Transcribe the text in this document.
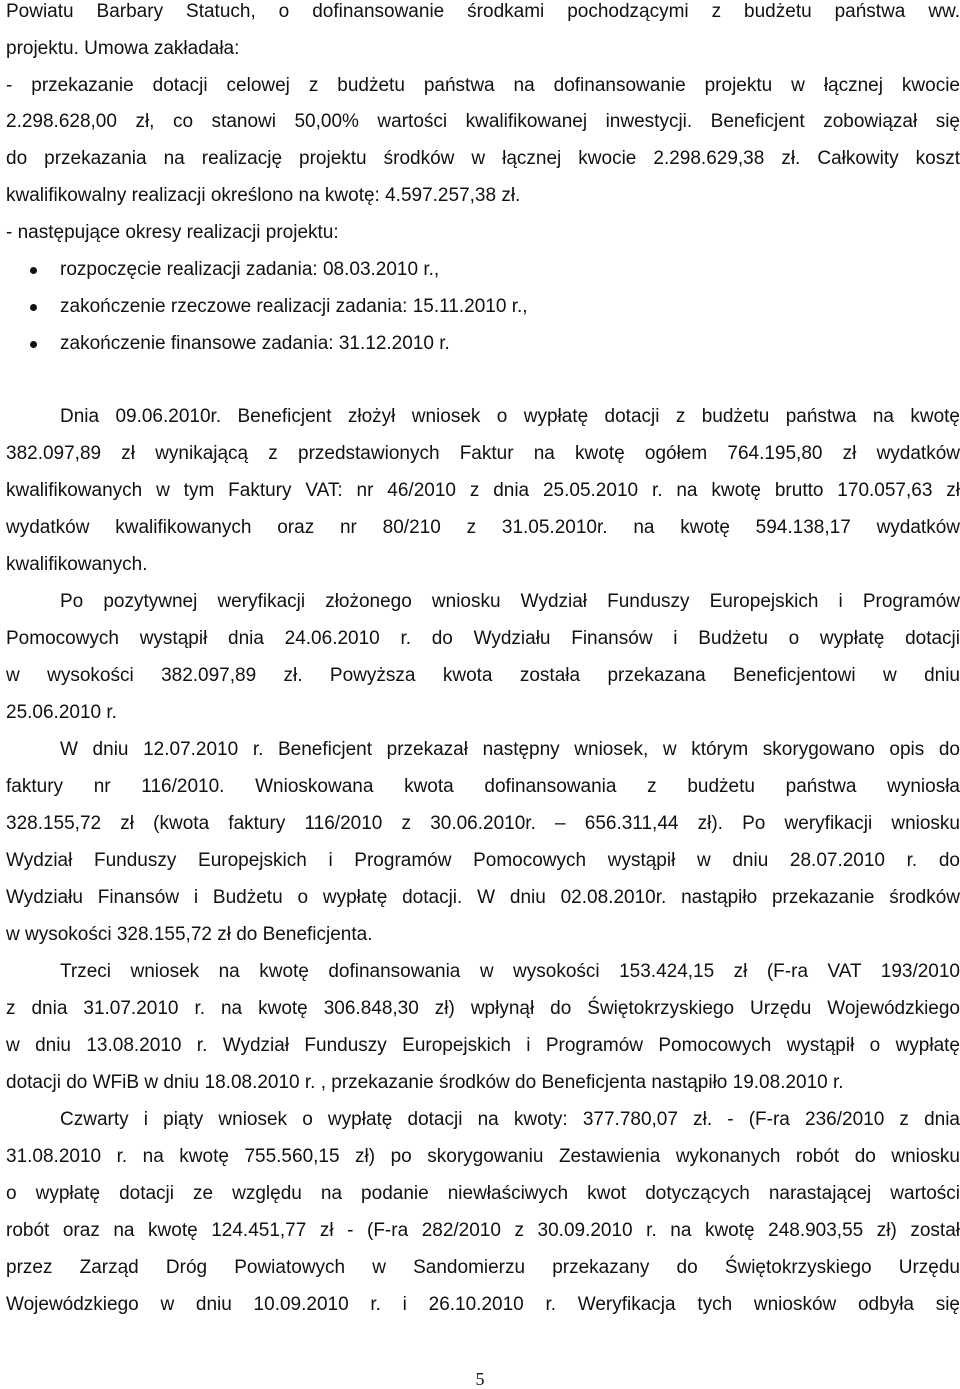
Powiatu Barbary Statuch, o dofinansowanie środkami pochodzącymi z budżetu państwa ww.
projektu. Umowa zakładała:
- przekazanie dotacji celowej z budżetu państwa na dofinansowanie projektu w łącznej kwocie
2.298.628,00 zł, co stanowi 50,00% wartości kwalifikowanej inwestycji. Beneficjent zobowiązał się
do przekazania na realizację projektu środków w łącznej kwocie 2.298.629,38 zł. Całkowity koszt
kwalifikowalny realizacji określono na kwotę: 4.597.257,38 zł.
- następujące okresy realizacji projektu:
rozpoczęcie realizacji zadania: 08.03.2010 r.,
zakończenie rzeczowe realizacji zadania: 15.11.2010 r.,
zakończenie finansowe zadania: 31.12.2010 r.
Dnia 09.06.2010r. Beneficjent złożył wniosek o wypłatę dotacji z budżetu państwa na kwotę
382.097,89 zł wynikającą z przedstawionych Faktur na kwotę ogółem 764.195,80 zł wydatków
kwalifikowanych w tym Faktury VAT: nr 46/2010 z dnia 25.05.2010 r. na kwotę brutto 170.057,63 zł
wydatków kwalifikowanych oraz nr 80/210 z 31.05.2010r. na kwotę 594.138,17 wydatków
kwalifikowanych.
Po pozytywnej weryfikacji złożonego wniosku Wydział Funduszy Europejskich i Programów
Pomocowych wystąpił dnia 24.06.2010 r. do Wydziału Finansów i Budżetu o wypłatę dotacji
w wysokości 382.097,89 zł. Powyższa kwota została przekazana Beneficjentowi w dniu
25.06.2010 r.
W dniu 12.07.2010 r. Beneficjent przekazał następny wniosek, w którym skorygowano opis do
faktury nr 116/2010. Wnioskowana kwota dofinansowania z budżetu państwa wyniosła
328.155,72 zł (kwota faktury 116/2010 z 30.06.2010r. – 656.311,44 zł). Po weryfikacji wniosku
Wydział Funduszy Europejskich i Programów Pomocowych wystąpił w dniu 28.07.2010 r. do
Wydziału Finansów i Budżetu o wypłatę dotacji. W dniu 02.08.2010r. nastąpiło przekazanie środków
w wysokości 328.155,72 zł do Beneficjenta.
Trzeci wniosek na kwotę dofinansowania w wysokości 153.424,15 zł (F-ra VAT 193/2010
z dnia 31.07.2010 r. na kwotę 306.848,30 zł) wpłynął do Świętokrzyskiego Urzędu Wojewódzkiego
w dniu 13.08.2010 r. Wydział Funduszy Europejskich i Programów Pomocowych wystąpił o wypłatę
dotacji do WFiB w dniu 18.08.2010 r. , przekazanie środków do Beneficjenta nastąpiło 19.08.2010 r.
Czwarty i piąty wniosek o wypłatę dotacji na kwoty: 377.780,07 zł. - (F-ra 236/2010 z dnia
31.08.2010 r. na kwotę 755.560,15 zł) po skorygowaniu Zestawienia wykonanych robót do wniosku
o wypłatę dotacji ze względu na podanie niewłaściwych kwot dotyczących narastającej wartości
robót oraz na kwotę 124.451,77 zł - (F-ra 282/2010 z 30.09.2010 r. na kwotę 248.903,55 zł) został
przez Zarząd Dróg Powiatowych w Sandomierzu przekazany do Świętokrzyskiego Urzędu
Wojewódzkiego w dniu 10.09.2010 r. i 26.10.2010 r. Weryfikacja tych wniosków odbyła się
5
